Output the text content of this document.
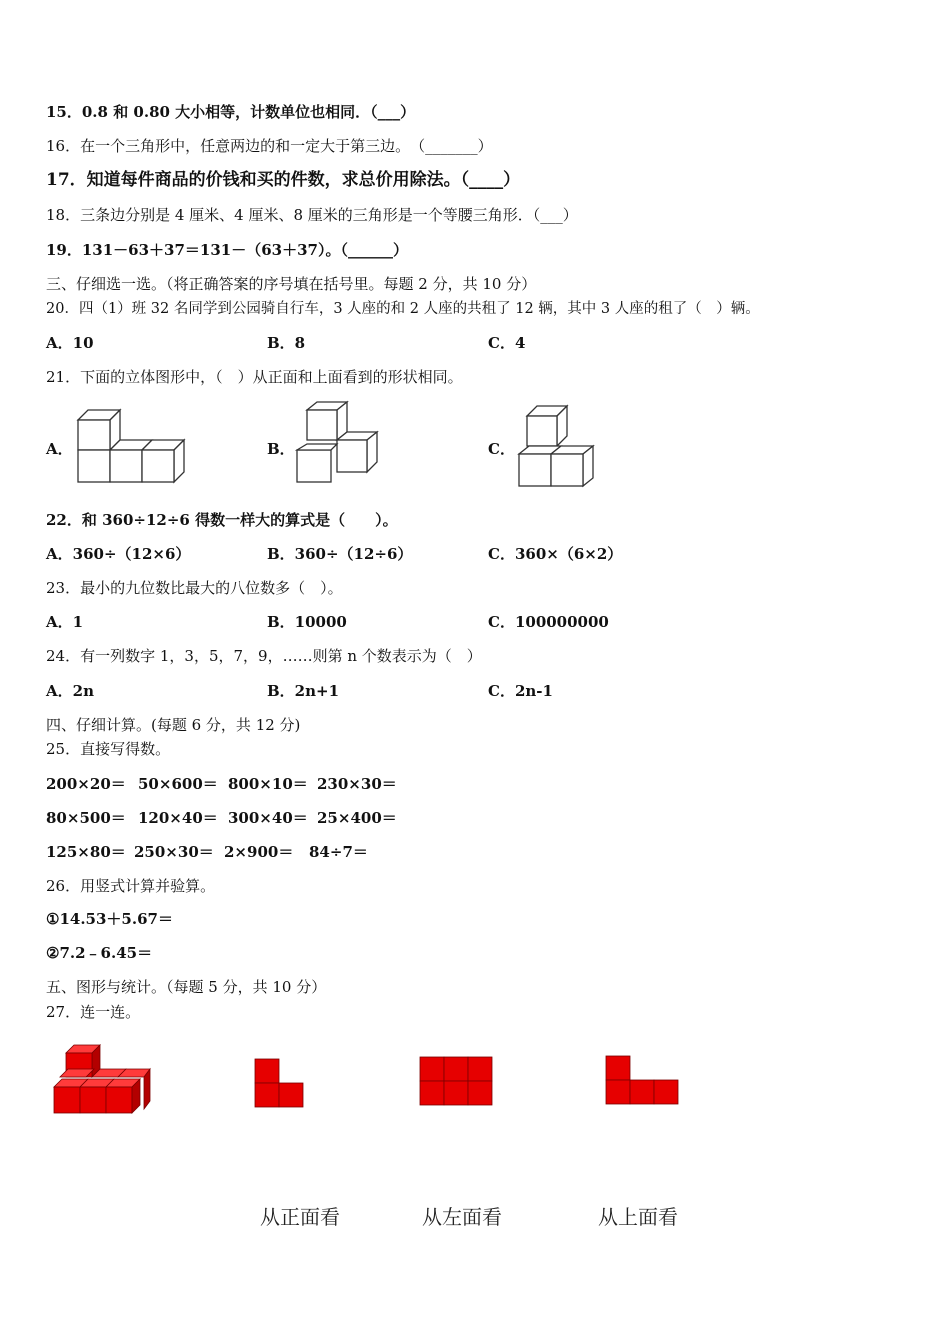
15．0.8 和 0.80 大小相等，计数单位也相同．（___）
16．在一个三角形中，任意两边的和一定大于第三边。　（_______）
17．知道每件商品的价钱和买的件数，求总价用除法。（____）
18．三条边分别是 4 厘米、4 厘米、8 厘米的三角形是一个等腰三角形．（___）
19．131－63＋37＝131－（63＋37）。（______）
三、仔细选一选。（将正确答案的序号填在括号里。每题 2 分，共 10 分）
20．四（1）班 32 名同学到公园骑自行车，3 人座的和 2 人座的共租了 12 辆，其中 3 人座的租了（　）辆。
A．10	B．8	C．4
21．下面的立体图形中，（　）从正面和上面看到的形状相同。
A．	B．	C．
22．和 360÷12÷6 得数一样大的算式是（　　）。
A．360÷（12×6）	B．360÷（12÷6）	C．360×（6×2）
23．最小的九位数比最大的八位数多（　）。
A．1	B．10000	C．100000000
24．有一列数字 1，3，5，7，9，……则第 n 个数表示为（　）
A．2n	B．2n+1	C．2n-1
四、仔细计算。(每题 6 分，共 12 分)
25．直接写得数。
200×20＝ 50×600＝ 800×10＝ 230×30＝
80×500＝ 120×40＝ 300×40＝ 25×400＝
125×80＝ 250×30＝ 2×900＝ 84÷7＝
26．用竖式计算并验算。
①14.53＋5.67＝
②7.2﹣6.45＝
五、图形与统计。（每题 5 分，共 10 分）
27．连一连。
从正面看	从左面看	从上面看
